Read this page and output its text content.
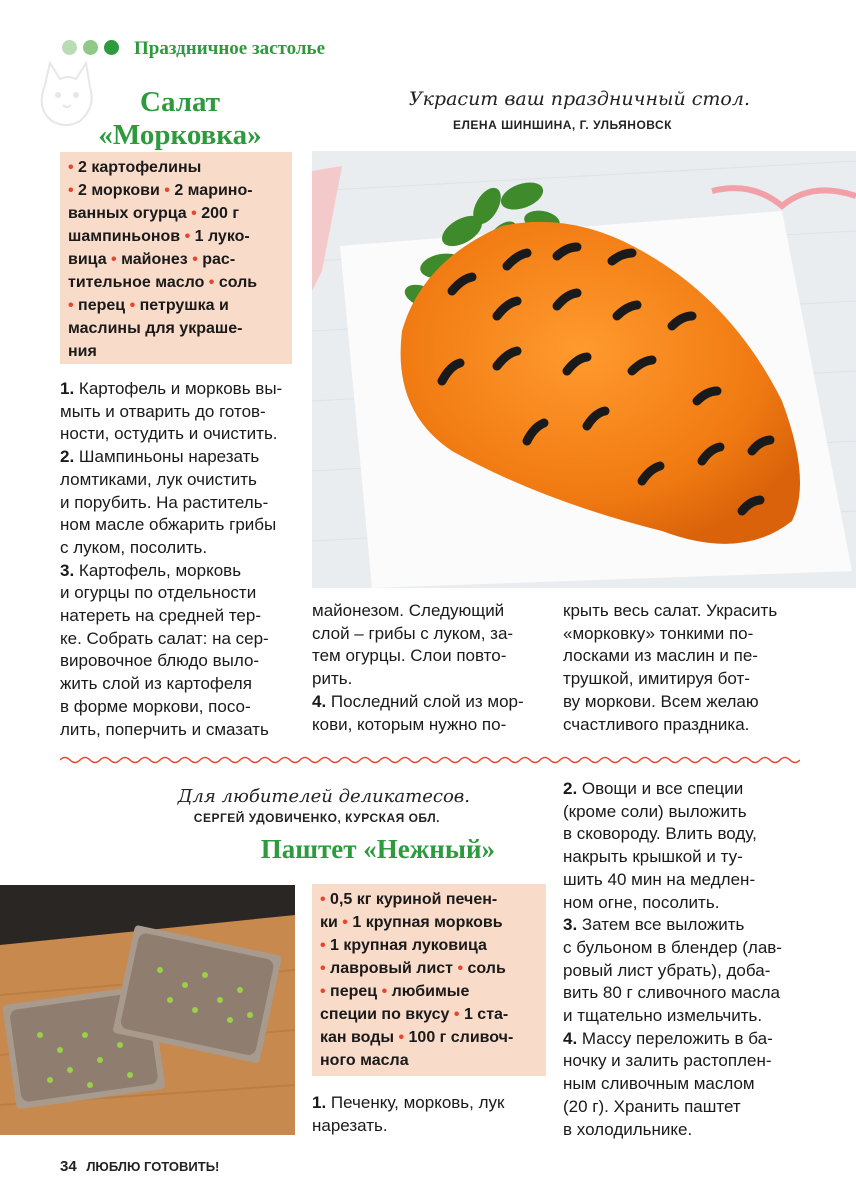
Праздничное застолье
Салат
«Морковка»
Украсит ваш праздничный стол.
ЕЛЕНА ШИНШИНА, Г. УЛЬЯНОВСК
• 2 картофелины
• 2 моркови • 2 марино-
ванных огурца • 200 г
шампиньонов • 1 луко-
вица • майонез • рас-
тительное масло • соль
• перец • петрушка и
маслины для украше-
ния
1. Картофель и морковь вы-
мыть и отварить до готов-
ности, остудить и очистить.
2. Шампиньоны нарезать
ломтиками, лук очистить
и порубить. На раститель-
ном масле обжарить грибы
с луком, посолить.
3. Картофель, морковь
и огурцы по отдельности
натереть на средней тер-
ке. Собрать салат: на сер-
вировочное блюдо выло-
жить слой из картофеля
в форме моркови, посо-
лить, поперчить и смазать
майонезом. Следующий
слой – грибы с луком, за-
тем огурцы. Слои повто-
рить.
4. Последний слой из мор-
кови, которым нужно по-
крыть весь салат. Украсить
«морковку» тонкими по-
лосками из маслин и пе-
трушкой, имитируя бот-
ву моркови. Всем желаю
счастливого праздника.
Для любителей деликатесов.
СЕРГЕЙ УДОВИЧЕНКО, КУРСКАЯ ОБЛ.
Паштет «Нежный»
• 0,5 кг куриной печен-
ки • 1 крупная морковь
• 1 крупная луковица
• лавровый лист • соль
• перец • любимые
специи по вкусу • 1 ста-
кан воды • 100 г сливоч-
ного масла
1. Печенку, морковь, лук
нарезать.
2. Овощи и все специи
(кроме соли) выложить
в сковороду. Влить воду,
накрыть крышкой и ту-
шить 40 мин на медлен-
ном огне, посолить.
3. Затем все выложить
с бульоном в блендер (лав-
ровый лист убрать), доба-
вить 80 г сливочного масла
и тщательно измельчить.
4. Массу переложить в ба-
ночку и залить растоплен-
ным сливочным маслом
(20 г). Хранить паштет
в холодильнике.
34 ЛЮБЛЮ ГОТОВИТЬ!
